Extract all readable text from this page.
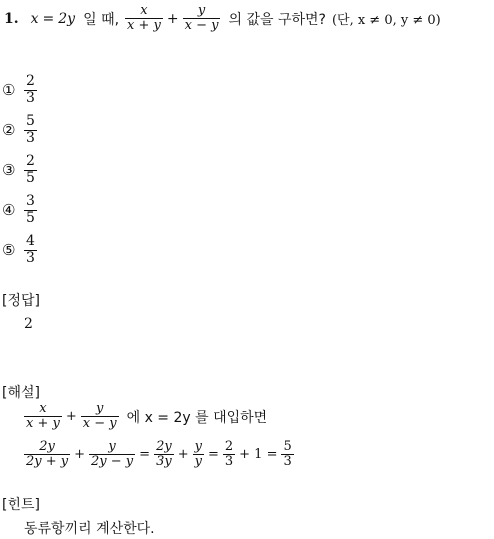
1. x = 2y 일 때, $\frac{x}{x + y} + \frac{y}{x - y}$ 의 값을 구하면? (단, x ≠ 0, y ≠ 0)
① $\frac{2}{3}$
② $\frac{5}{3}$
③ $\frac{2}{5}$
④ $\frac{3}{5}$
⑤ $\frac{4}{3}$
[정답]
2
[해설]
$\frac{x}{x + y} + \frac{y}{x - y}$ 에 x = 2y 를 대입하면
$\frac{2y}{2y + y} + \frac{y}{2y - y} = \frac{2y}{3y} + \frac{y}{y} = \frac{2}{3} + 1 = \frac{5}{3}$
[힌트]
동류항끼리 계산한다.
